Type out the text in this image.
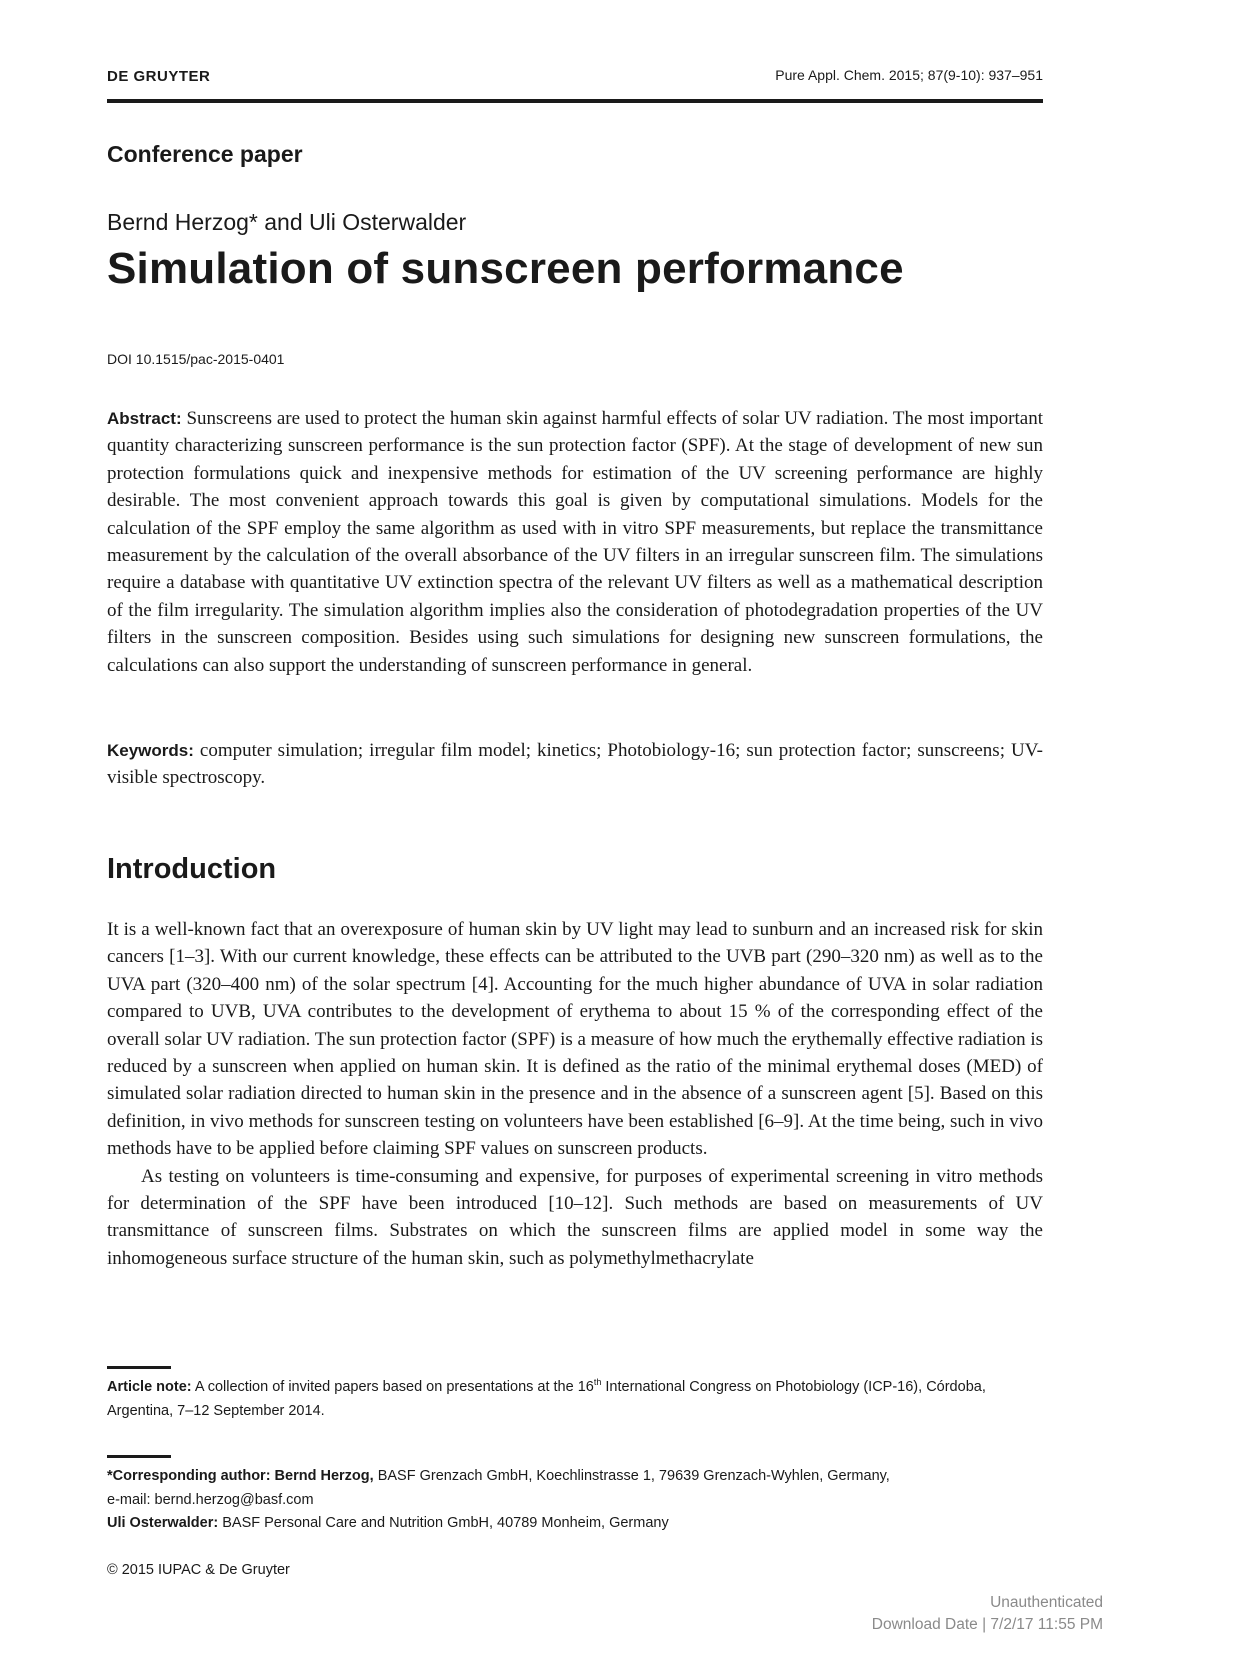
DE GRUYTER	Pure Appl. Chem. 2015; 87(9-10): 937–951
Conference paper
Bernd Herzog* and Uli Osterwalder
Simulation of sunscreen performance
DOI 10.1515/pac-2015-0401

Abstract: Sunscreens are used to protect the human skin against harmful effects of solar UV radiation. The most important quantity characterizing sunscreen performance is the sun protection factor (SPF). At the stage of development of new sun protection formulations quick and inexpensive methods for estimation of the UV screening performance are highly desirable. The most convenient approach towards this goal is given by computational simulations. Models for the calculation of the SPF employ the same algorithm as used with in vitro SPF measurements, but replace the transmittance measurement by the calculation of the overall absorbance of the UV filters in an irregular sunscreen film. The simulations require a database with quantitative UV extinction spectra of the relevant UV filters as well as a mathematical description of the film irregularity. The simulation algorithm implies also the consideration of photodegradation properties of the UV filters in the sunscreen composition. Besides using such simulations for designing new sunscreen formulations, the calculations can also support the understanding of sunscreen performance in general.

Keywords: computer simulation; irregular film model; kinetics; Photobiology-16; sun protection factor; sunscreens; UV-visible spectroscopy.

Introduction

It is a well-known fact that an overexposure of human skin by UV light may lead to sunburn and an increased risk for skin cancers [1–3]. With our current knowledge, these effects can be attributed to the UVB part (290–320 nm) as well as to the UVA part (320–400 nm) of the solar spectrum [4]. Accounting for the much higher abundance of UVA in solar radiation compared to UVB, UVA contributes to the development of erythema to about 15 % of the corresponding effect of the overall solar UV radiation. The sun protection factor (SPF) is a measure of how much the erythemally effective radiation is reduced by a sunscreen when applied on human skin. It is defined as the ratio of the minimal erythemal doses (MED) of simulated solar radiation directed to human skin in the presence and in the absence of a sunscreen agent [5]. Based on this definition, in vivo methods for sunscreen testing on volunteers have been established [6–9]. At the time being, such in vivo methods have to be applied before claiming SPF values on sunscreen products.

As testing on volunteers is time-consuming and expensive, for purposes of experimental screening in vitro methods for determination of the SPF have been introduced [10–12]. Such methods are based on measurements of UV transmittance of sunscreen films. Substrates on which the sunscreen films are applied model in some way the inhomogeneous surface structure of the human skin, such as polymethylmethacrylate

Article note: A collection of invited papers based on presentations at the 16th International Congress on Photobiology (ICP-16), Córdoba, Argentina, 7–12 September 2014.
*Corresponding author: Bernd Herzog, BASF Grenzach GmbH, Koechlinstrasse 1, 79639 Grenzach-Wyhlen, Germany,
e-mail: bernd.herzog@basf.com
Uli Osterwalder: BASF Personal Care and Nutrition GmbH, 40789 Monheim, Germany
© 2015 IUPAC & De Gruyter
Unauthenticated
Download Date | 7/2/17 11:55 PM
